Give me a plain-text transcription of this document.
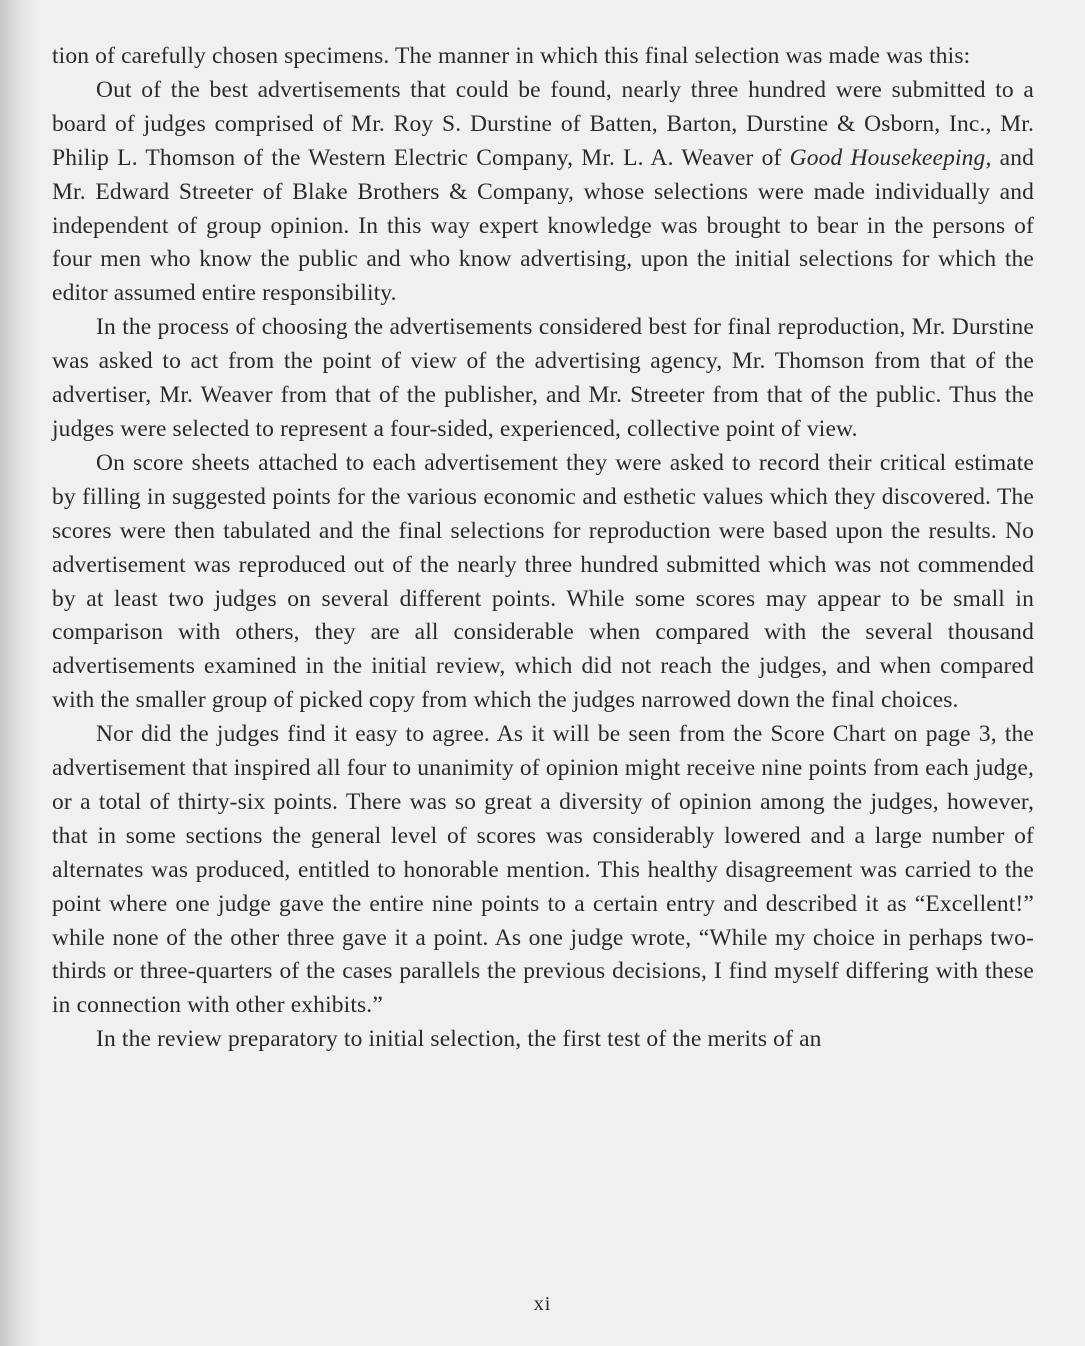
tion of carefully chosen specimens. The manner in which this final selection was made was this:

Out of the best advertisements that could be found, nearly three hundred were submitted to a board of judges comprised of Mr. Roy S. Durstine of Batten, Barton, Durstine & Osborn, Inc., Mr. Philip L. Thomson of the Western Electric Company, Mr. L. A. Weaver of Good Housekeeping, and Mr. Edward Streeter of Blake Brothers & Company, whose selections were made individually and independent of group opinion. In this way expert knowledge was brought to bear in the persons of four men who know the public and who know advertising, upon the initial selections for which the editor assumed entire responsibility.

In the process of choosing the advertisements considered best for final reproduction, Mr. Durstine was asked to act from the point of view of the advertising agency, Mr. Thomson from that of the advertiser, Mr. Weaver from that of the publisher, and Mr. Streeter from that of the public. Thus the judges were selected to represent a four-sided, experienced, collective point of view.

On score sheets attached to each advertisement they were asked to record their critical estimate by filling in suggested points for the various economic and esthetic values which they discovered. The scores were then tabulated and the final selections for reproduction were based upon the results. No advertisement was reproduced out of the nearly three hundred submitted which was not commended by at least two judges on several different points. While some scores may appear to be small in comparison with others, they are all considerable when compared with the several thousand advertisements examined in the initial review, which did not reach the judges, and when compared with the smaller group of picked copy from which the judges narrowed down the final choices.

Nor did the judges find it easy to agree. As it will be seen from the Score Chart on page 3, the advertisement that inspired all four to unanimity of opinion might receive nine points from each judge, or a total of thirty-six points. There was so great a diversity of opinion among the judges, however, that in some sections the general level of scores was considerably lowered and a large number of alternates was produced, entitled to honorable mention. This healthy disagreement was carried to the point where one judge gave the entire nine points to a certain entry and described it as “Excellent!” while none of the other three gave it a point. As one judge wrote, “While my choice in perhaps two-thirds or three-quarters of the cases parallels the previous decisions, I find myself differing with these in connection with other exhibits.”

In the review preparatory to initial selection, the first test of the merits of an

xi
